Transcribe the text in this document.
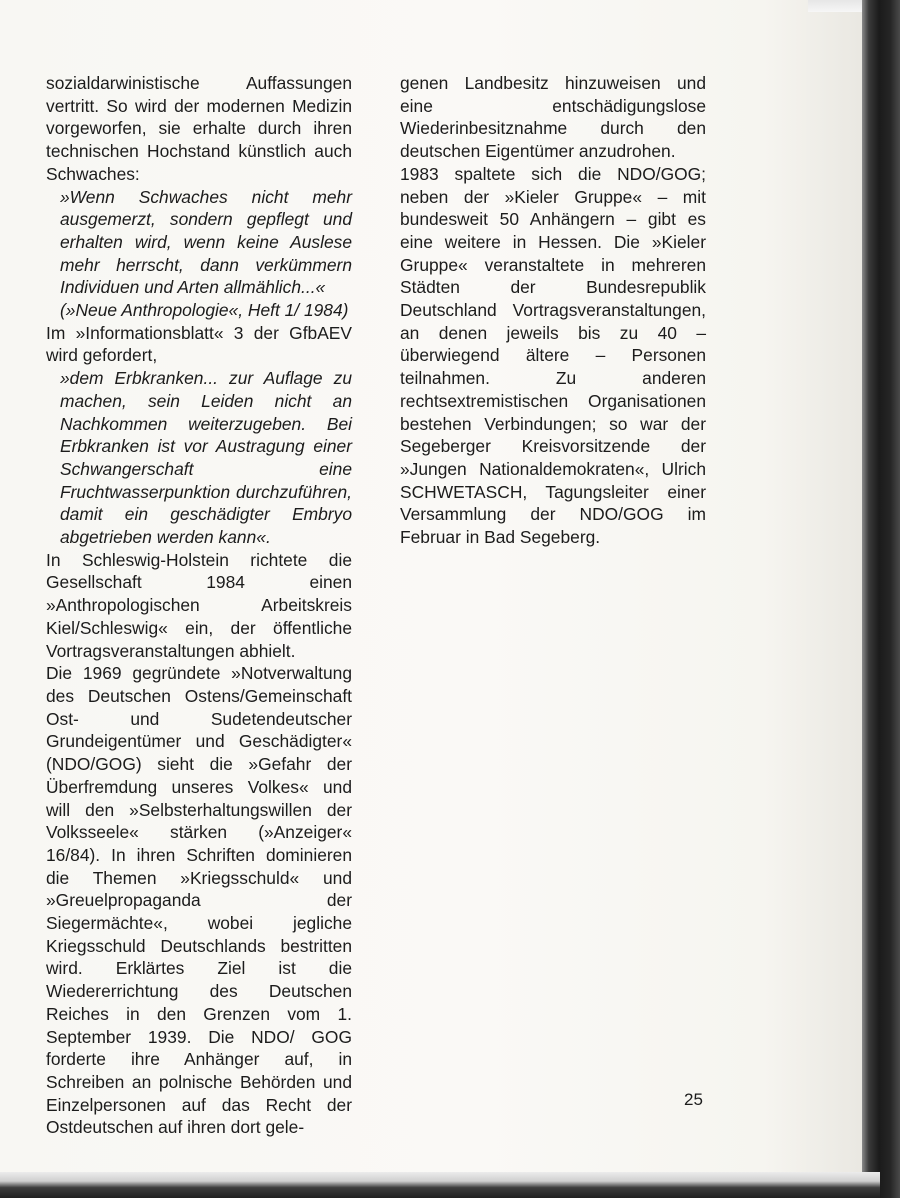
sozialdarwinistische Auffassungen vertritt. So wird der modernen Medizin vorgeworfen, sie erhalte durch ihren technischen Hochstand künstlich auch Schwaches:

»Wenn Schwaches nicht mehr ausgemerzt, sondern gepflegt und erhalten wird, wenn keine Auslese mehr herrscht, dann verkümmern Individuen und Arten allmählich...«

(»Neue Anthropologie«, Heft 1/ 1984)

Im »Informationsblatt« 3 der GfbAEV wird gefordert,

»dem Erbkranken... zur Auflage zu machen, sein Leiden nicht an Nachkommen weiterzugeben. Bei Erbkranken ist vor Austragung einer Schwangerschaft eine Fruchtwasserpunktion durchzuführen, damit ein geschädigter Embryo abgetrieben werden kann«.

In Schleswig-Holstein richtete die Gesellschaft 1984 einen »Anthropologischen Arbeitskreis Kiel/Schleswig« ein, der öffentliche Vortragsveranstaltungen abhielt.

Die 1969 gegründete »Notverwaltung des Deutschen Ostens/Gemeinschaft Ost- und Sudetendeutscher Grundeigentümer und Geschädigter« (NDO/GOG) sieht die »Gefahr der Überfremdung unseres Volkes« und will den »Selbsterhaltungswillen der Volksseele« stärken (»Anzeiger« 16/84). In ihren Schriften dominieren die Themen »Kriegsschuld« und »Greuelpropaganda der Siegermächte«, wobei jegliche Kriegsschuld Deutschlands bestritten wird. Erklärtes Ziel ist die Wiedererrichtung des Deutschen Reiches in den Grenzen vom 1. September 1939. Die NDO/ GOG forderte ihre Anhänger auf, in Schreiben an polnische Behörden und Einzelpersonen auf das Recht der Ostdeutschen auf ihren dort gele-

genen Landbesitz hinzuweisen und eine entschädigungslose Wiederinbesitznahme durch den deutschen Eigentümer anzudrohen.

1983 spaltete sich die NDO/GOG; neben der »Kieler Gruppe« – mit bundesweit 50 Anhängern – gibt es eine weitere in Hessen. Die »Kieler Gruppe« veranstaltete in mehreren Städten der Bundesrepublik Deutschland Vortragsveranstaltungen, an denen jeweils bis zu 40 – überwiegend ältere – Personen teilnahmen. Zu anderen rechtsextremistischen Organisationen bestehen Verbindungen; so war der Segeberger Kreisvorsitzende der »Jungen Nationaldemokraten«, Ulrich SCHWETASCH, Tagungsleiter einer Versammlung der NDO/GOG im Februar in Bad Segeberg.

25
